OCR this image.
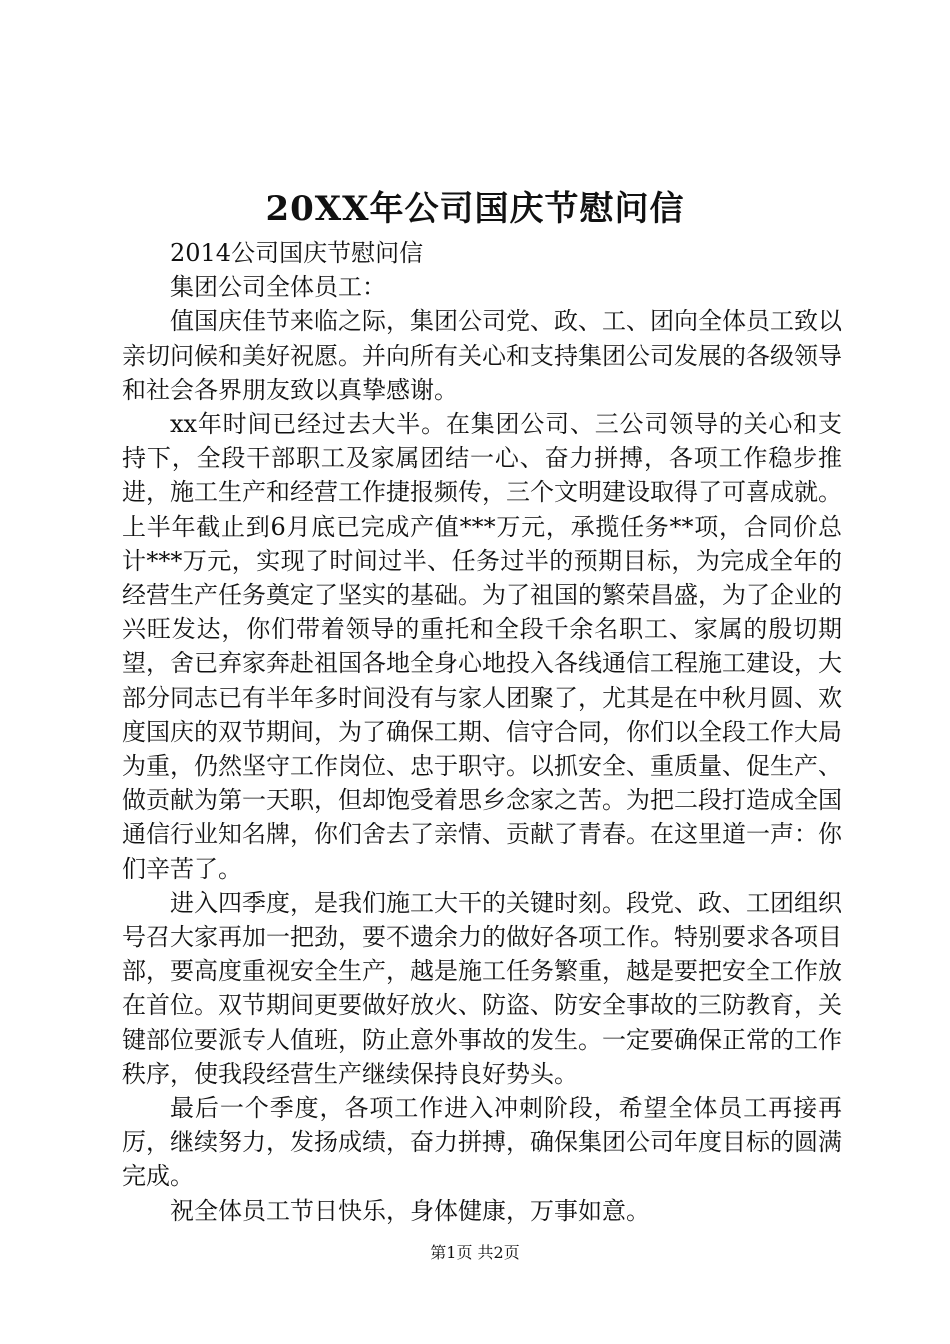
20XX年公司国庆节慰问信

2014公司国庆节慰问信

集团公司全体员工：

值国庆佳节来临之际，集团公司党、政、工、团向全体员工致以亲切问候和美好祝愿。并向所有关心和支持集团公司发展的各级领导和社会各界朋友致以真挚感谢。

xx年时间已经过去大半。在集团公司、三公司领导的关心和支持下，全段干部职工及家属团结一心、奋力拼搏，各项工作稳步推进，施工生产和经营工作捷报频传，三个文明建设取得了可喜成就。上半年截止到6月底已完成产值***万元，承揽任务**项，合同价总计***万元，实现了时间过半、任务过半的预期目标，为完成全年的经营生产任务奠定了坚实的基础。为了祖国的繁荣昌盛，为了企业的兴旺发达，你们带着领导的重托和全段千余名职工、家属的殷切期望，舍已弃家奔赴祖国各地全身心地投入各线通信工程施工建设，大部分同志已有半年多时间没有与家人团聚了，尤其是在中秋月圆、欢度国庆的双节期间，为了确保工期、信守合同，你们以全段工作大局为重，仍然坚守工作岗位、忠于职守。以抓安全、重质量、促生产、做贡献为第一天职，但却饱受着思乡念家之苦。为把二段打造成全国通信行业知名牌，你们舍去了亲情、贡献了青春。在这里道一声：你们辛苦了。

进入四季度，是我们施工大干的关键时刻。段党、政、工团组织号召大家再加一把劲，要不遗余力的做好各项工作。特别要求各项目部，要高度重视安全生产，越是施工任务繁重，越是要把安全工作放在首位。双节期间更要做好放火、防盗、防安全事故的三防教育，关键部位要派专人值班，防止意外事故的发生。一定要确保正常的工作秩序，使我段经营生产继续保持良好势头。

最后一个季度，各项工作进入冲刺阶段，希望全体员工再接再厉，继续努力，发扬成绩，奋力拼搏，确保集团公司年度目标的圆满完成。

祝全体员工节日快乐，身体健康，万事如意。

第1页 共2页
